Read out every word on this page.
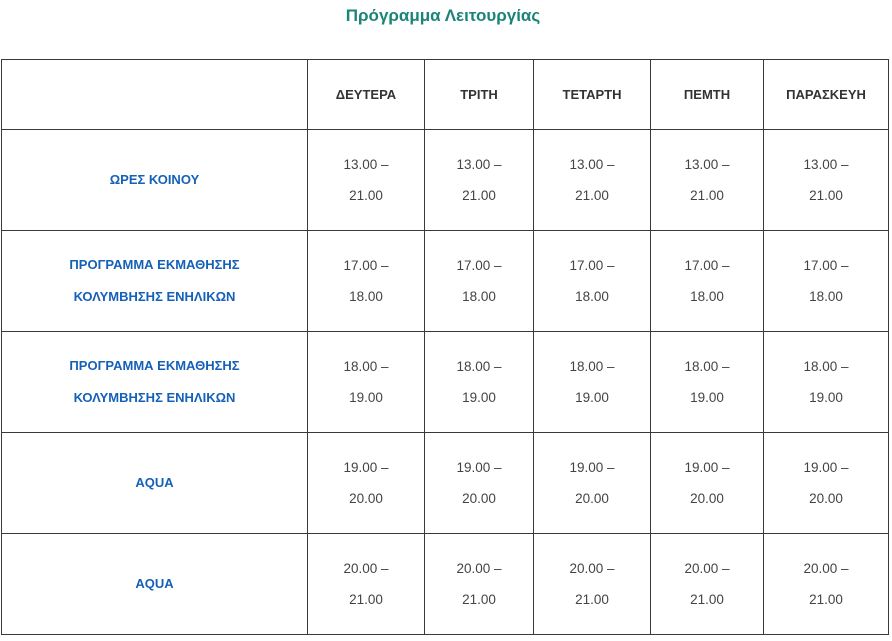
Πρόγραμμα Λειτουργίας
	ΔΕΥΤΕΡΑ	ΤΡΙΤΗ	ΤΕΤΑΡΤΗ	ΠΕΜΤΗ	ΠΑΡΑΣΚΕΥΗ

ΩΡΕΣ ΚΟΙΝΟΥ	13.00 –
21.00	13.00 –
21.00	13.00 –
21.00	13.00 –
21.00	13.00 –
21.00

ΠΡΟΓΡΑΜΜΑ ΕΚΜΑΘΗΣΗΣ
ΚΟΛΥΜΒΗΣΗΣ ΕΝΗΛΙΚΩΝ	17.00 –
18.00	17.00 –
18.00	17.00 –
18.00	17.00 –
18.00	17.00 –
18.00

ΠΡΟΓΡΑΜΜΑ ΕΚΜΑΘΗΣΗΣ
ΚΟΛΥΜΒΗΣΗΣ ΕΝΗΛΙΚΩΝ	18.00 –
19.00	18.00 –
19.00	18.00 –
19.00	18.00 –
19.00	18.00 –
19.00

AQUA	19.00 –
20.00	19.00 –
20.00	19.00 –
20.00	19.00 –
20.00	19.00 –
20.00

AQUA	20.00 –
21.00	20.00 –
21.00	20.00 –
21.00	20.00 –
21.00	20.00 –
21.00
